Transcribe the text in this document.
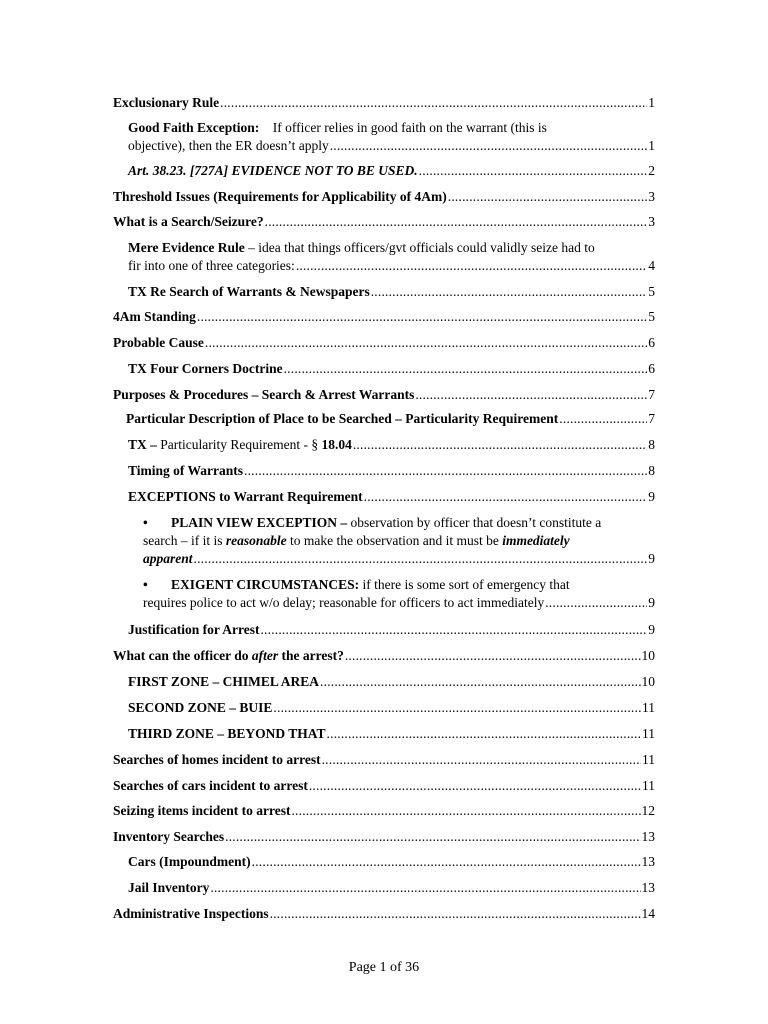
Exclusionary Rule .....	1
Good Faith Exception: If officer relies in good faith on the warrant (this is
objective), then the ER doesn’t apply .....	1
Art. 38.23. [727A] EVIDENCE NOT TO BE USED. .....	2
Threshold Issues (Requirements for Applicability of 4Am) .....	3
What is a Search/Seizure? .....	3
Mere Evidence Rule – idea that things officers/gvt officials could validly seize had to
fir into one of three categories: .....	4
TX Re Search of Warrants & Newspapers .....	5
4Am Standing .....	5
Probable Cause .....	6
TX Four Corners Doctrine .....	6
Purposes & Procedures – Search & Arrest Warrants .....	7
Particular Description of Place to be Searched – Particularity Requirement .....	7
TX – Particularity Requirement - § 18.04 .....	8
Timing of Warrants .....	8
EXCEPTIONS to Warrant Requirement .....	9
• PLAIN VIEW EXCEPTION – observation by officer that doesn’t constitute a
search – if it is reasonable to make the observation and it must be immediately
apparent .....	9
• EXIGENT CIRCUMSTANCES: if there is some sort of emergency that
requires police to act w/o delay; reasonable for officers to act immediately .....	9
Justification for Arrest .....	9
What can the officer do after the arrest? .....	10
FIRST ZONE – CHIMEL AREA .....	10
SECOND ZONE – BUIE .....	11
THIRD ZONE – BEYOND THAT .....	11
Searches of homes incident to arrest .....	11
Searches of cars incident to arrest .....	11
Seizing items incident to arrest .....	12
Inventory Searches .....	13
Cars (Impoundment) .....	13
Jail Inventory .....	13
Administrative Inspections .....	14
Page 1 of 36
